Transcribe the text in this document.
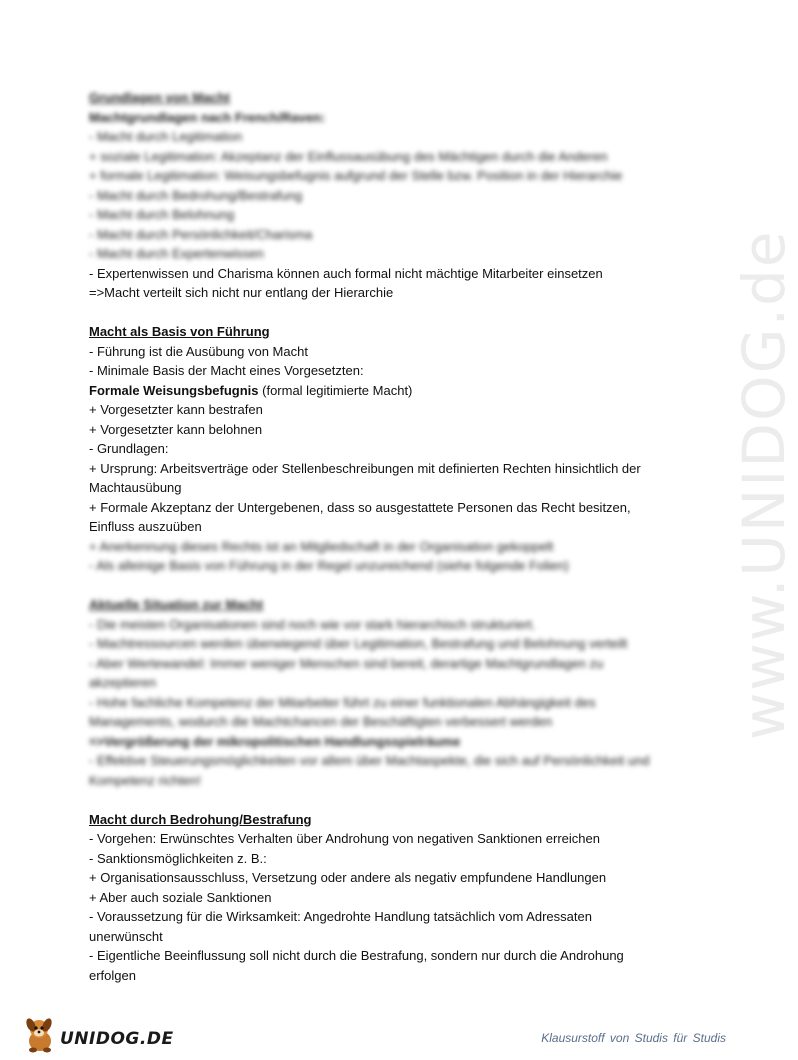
www.UNIDOG.de
Grundlagen von Macht
Machtgrundlagen nach French/Raven:
- Macht durch Legitimation
+ soziale Legitimation: Akzeptanz der Einflussausübung des Mächtigen durch die Anderen
+ formale Legitimation: Weisungsbefugnis aufgrund der Stelle bzw. Position in der Hierarchie
- Macht durch Bedrohung/Bestrafung
- Macht durch Belohnung
- Macht durch Persönlichkeit/Charisma
- Macht durch Expertenwissen
- Expertenwissen und Charisma können auch formal nicht mächtige Mitarbeiter einsetzen
=>Macht verteilt sich nicht nur entlang der Hierarchie
Macht als Basis von Führung
- Führung ist die Ausübung von Macht
- Minimale Basis der Macht eines Vorgesetzten:
Formale Weisungsbefugnis (formal legitimierte Macht)
+ Vorgesetzter kann bestrafen
+ Vorgesetzter kann belohnen
- Grundlagen:
+ Ursprung: Arbeitsverträge oder Stellenbeschreibungen mit definierten Rechten hinsichtlich der Machtausübung
+ Formale Akzeptanz der Untergebenen, dass so ausgestattete Personen das Recht besitzen, Einfluss auszuüben
+ Anerkennung dieses Rechts ist an Mitgliedschaft in der Organisation gekoppelt
- Als alleinige Basis von Führung in der Regel unzureichend (siehe folgende Folien)
Aktuelle Situation zur Macht
- Die meisten Organisationen sind noch wie vor stark hierarchisch strukturiert.
- Machtressourcen werden überwiegend über Legitimation, Bestrafung und Belohnung verteilt
- Aber Wertewandel: Immer weniger Menschen sind bereit, derartige Machtgrundlagen zu akzeptieren
- Hohe fachliche Kompetenz der Mitarbeiter führt zu einer funktionalen Abhängigkeit des Managements, wodurch die Machtchancen der Beschäftigten verbessert werden
=>Vergrößerung der mikropolitischen Handlungsspielräume
- Effektive Steuerungsmöglichkeiten vor allem über Machtaspekte, die sich auf Persönlichkeit und Kompetenz richten!
Macht durch Bedrohung/Bestrafung
- Vorgehen: Erwünschtes Verhalten über Androhung von negativen Sanktionen erreichen
- Sanktionsmöglichkeiten z. B.:
+ Organisationsausschluss, Versetzung oder andere als negativ empfundene Handlungen
+ Aber auch soziale Sanktionen
- Voraussetzung für die Wirksamkeit: Angedrohte Handlung tatsächlich vom Adressaten unerwünscht
- Eigentliche Beeinflussung soll nicht durch die Bestrafung, sondern nur durch die Androhung erfolgen
UNIDOG.DE	Klausurstoff von Studis für Studis
